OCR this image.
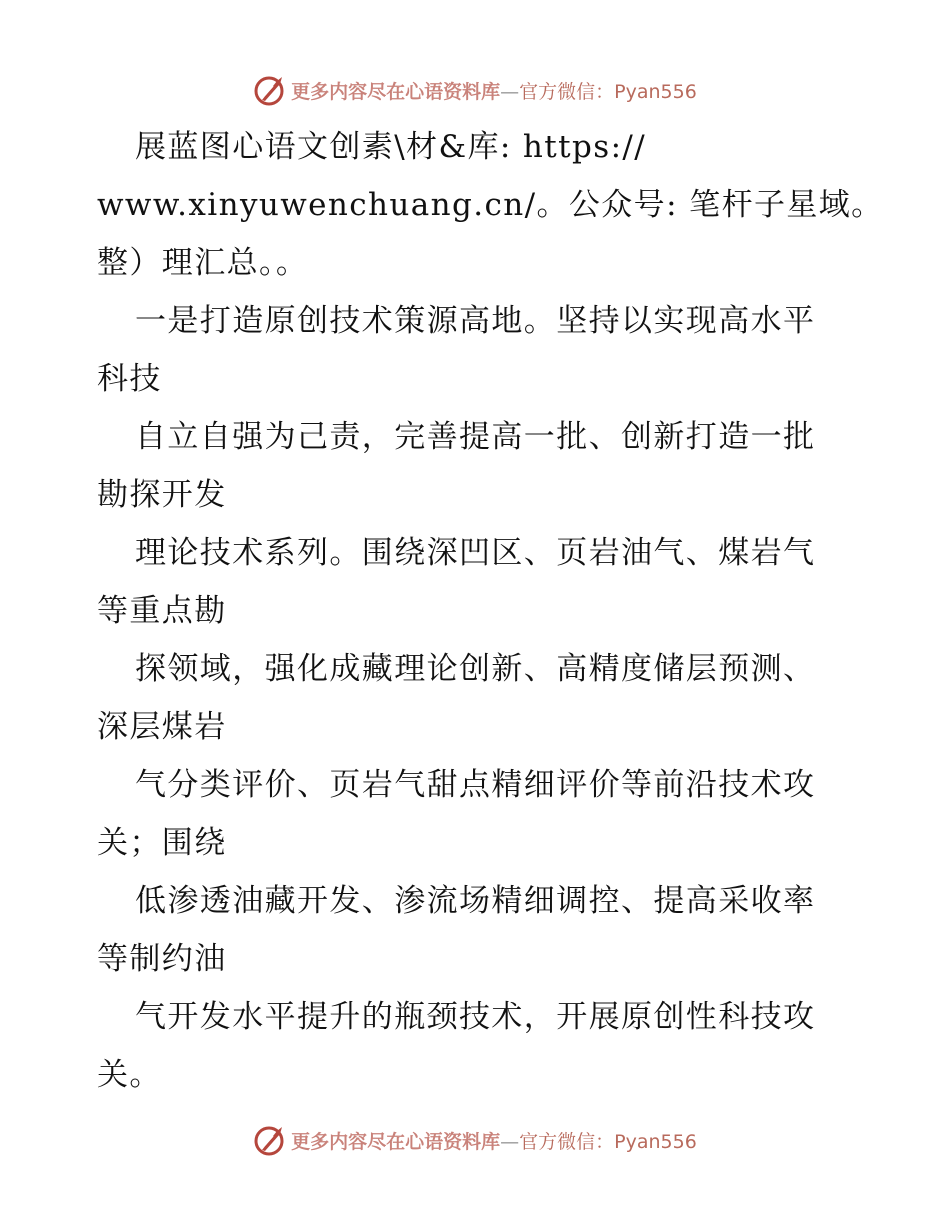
更多内容尽在心语资料库—官方微信：Pyan556
展蓝图心语文创素\材&库: https://
www.xinyuwenchuang.cn/。公众号: 笔杆子星域。
整）理汇总。。
一是打造原创技术策源高地。坚持以实现高水平
科技
自立自强为己责，完善提高一批、创新打造一批
勘探开发
理论技术系列。围绕深凹区、页岩油气、煤岩气
等重点勘
探领域，强化成藏理论创新、高精度储层预测、
深层煤岩
气分类评价、页岩气甜点精细评价等前沿技术攻
关；围绕
低渗透油藏开发、渗流场精细调控、提高采收率
等制约油
气开发水平提升的瓶颈技术，开展原创性科技攻
关。
更多内容尽在心语资料库—官方微信：Pyan556
